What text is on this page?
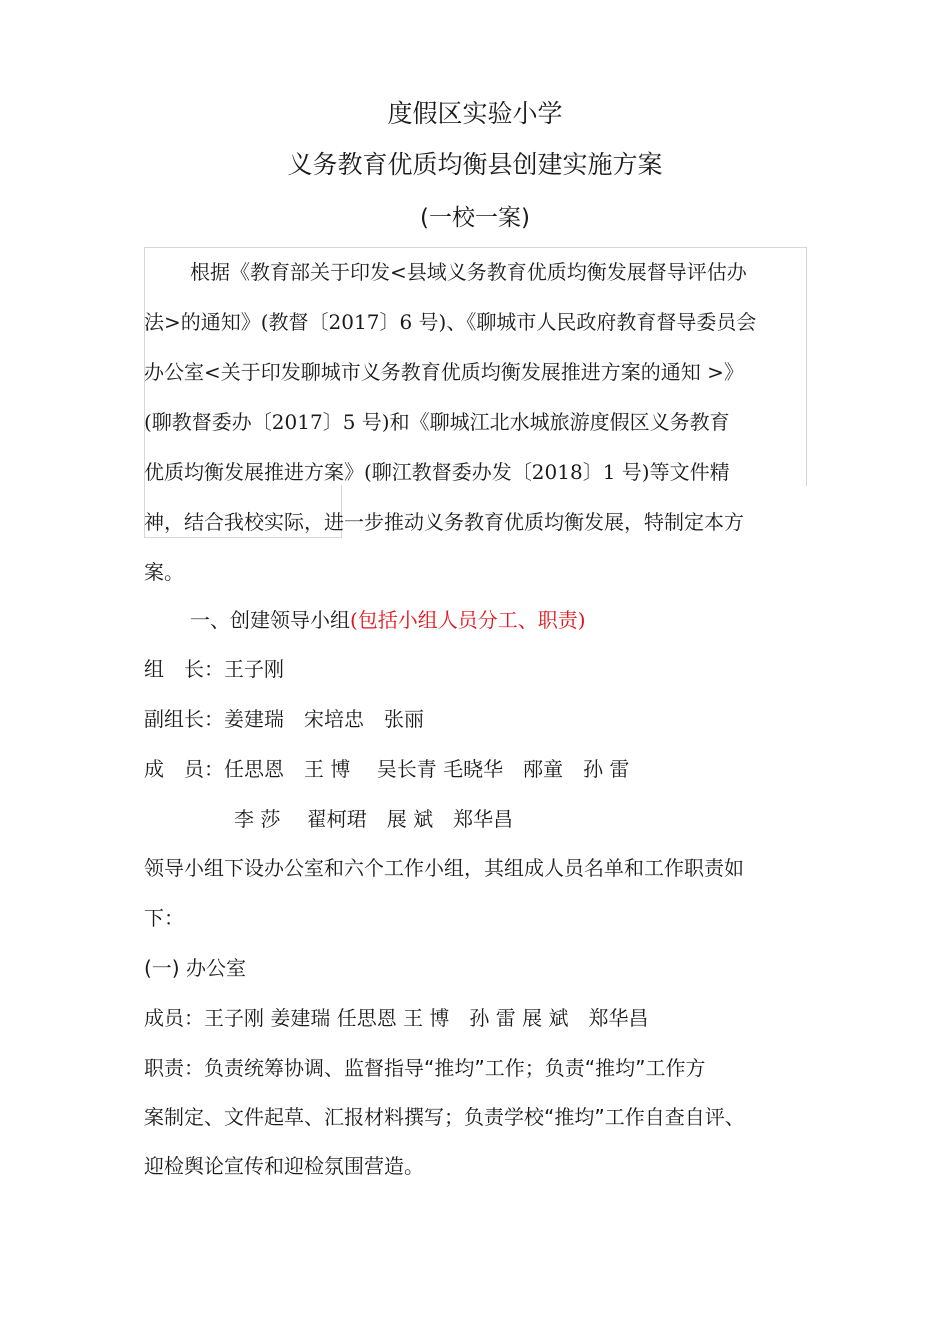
度假区实验小学
义务教育优质均衡县创建实施方案
(一校一案)
根据《教育部关于印发<县域义务教育优质均衡发展督导评估办
法>的通知》(教督〔2017〕6 号)、《聊城市人民政府教育督导委员会
办公室<关于印发聊城市义务教育优质均衡发展推进方案的通知 >》
(聊教督委办〔2017〕5 号)和《聊城江北水城旅游度假区义务教育
优质均衡发展推进方案》(聊江教督委办发〔2018〕1 号)等文件精
神，结合我校实际，进一步推动义务教育优质均衡发展，特制定本方
案。
一、创建领导小组(包括小组人员分工、职责)
组　长：王子刚
副组长：姜建瑞　宋培忠　张丽
成　员：任思恩　王 博　 吴长青 毛晓华　邴童　孙 雷
李 莎　 翟柯珺　展 斌　郑华昌
领导小组下设办公室和六个工作小组，其组成人员名单和工作职责如
下：
(一) 办公室
成员：王子刚 姜建瑞 任思恩 王 博　孙 雷 展 斌　郑华昌
职责：负责统筹协调、监督指导“推均”工作；负责“推均”工作方
案制定、文件起草、汇报材料撰写；负责学校“推均”工作自查自评、
迎检舆论宣传和迎检氛围营造。
